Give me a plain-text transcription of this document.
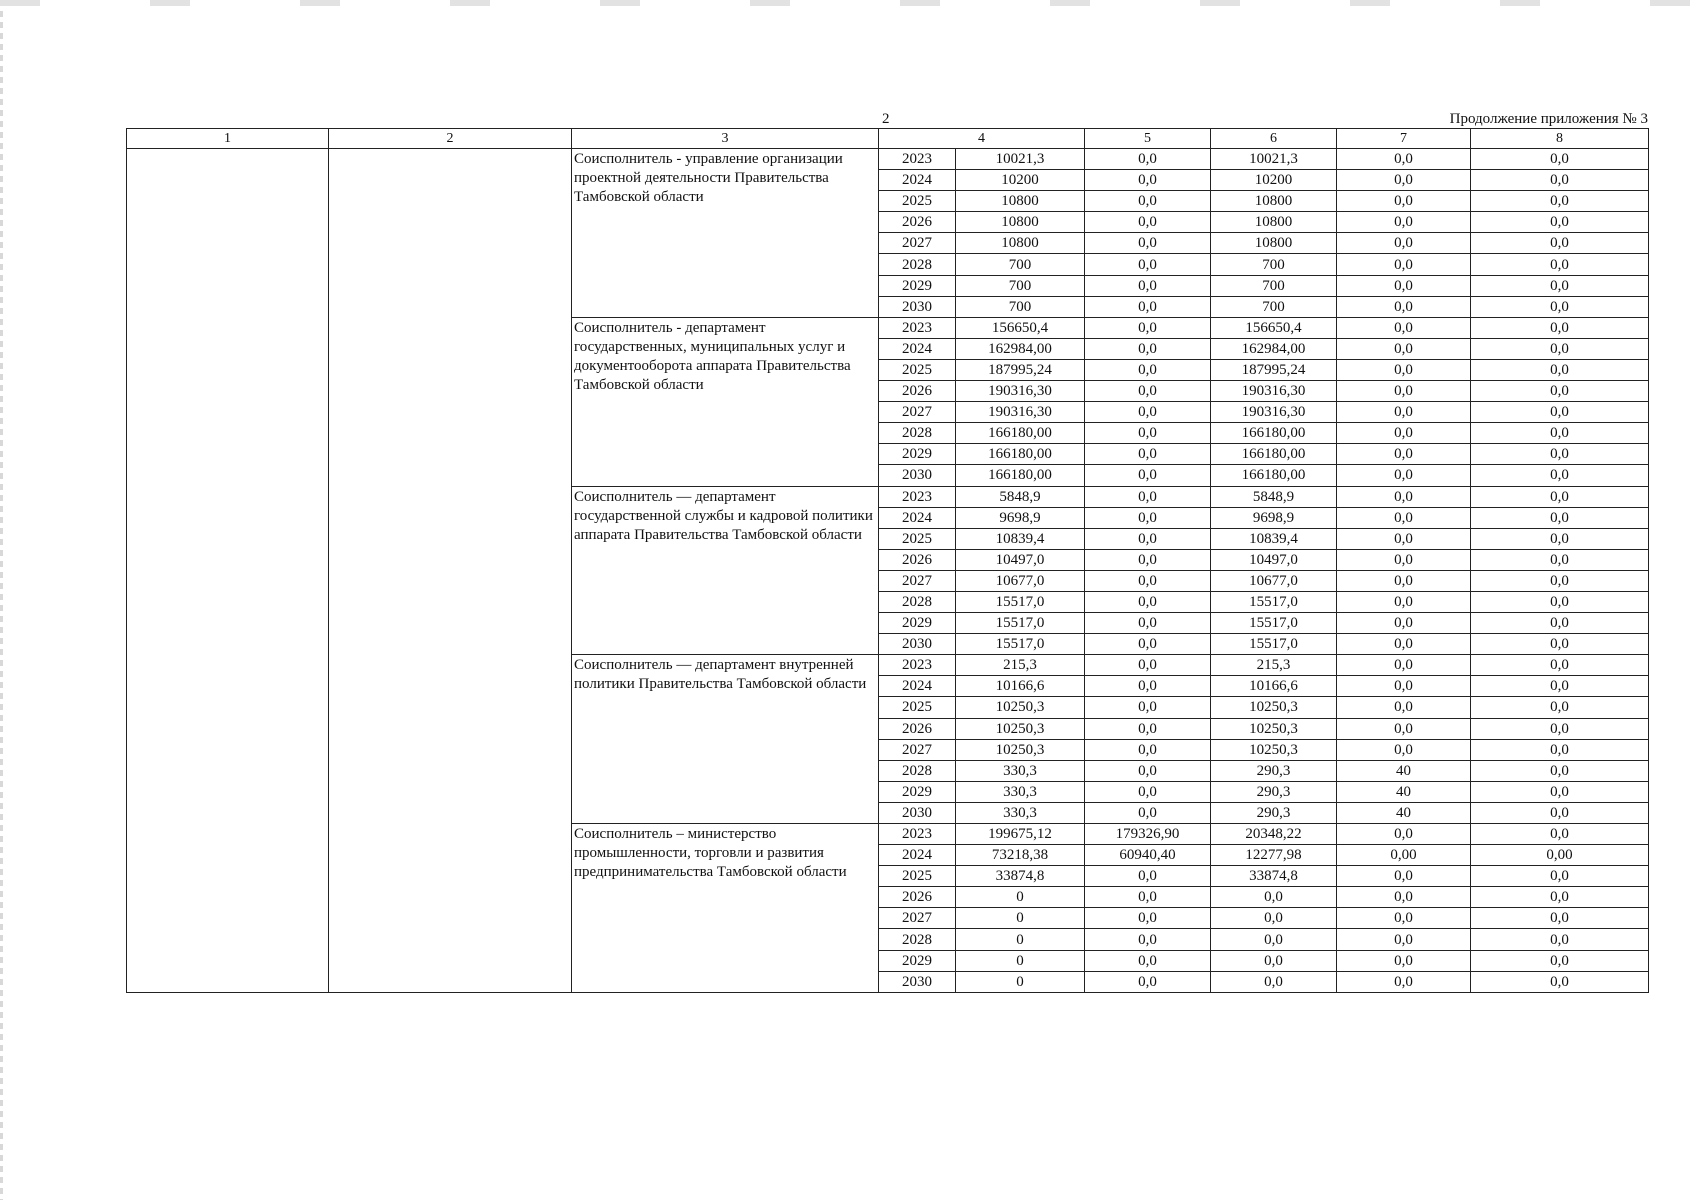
2	Продолжение приложения № 3
1	2	3	4		5	6	7	8
		Соисполнитель - управление организации проектной деятельности Правительства Тамбовской области	2023	10021,3	0,0	10021,3	0,0	0,0
			2024	10200	0,0	10200	0,0	0,0
			2025	10800	0,0	10800	0,0	0,0
			2026	10800	0,0	10800	0,0	0,0
			2027	10800	0,0	10800	0,0	0,0
			2028	700	0,0	700	0,0	0,0
			2029	700	0,0	700	0,0	0,0
			2030	700	0,0	700	0,0	0,0
		Соисполнитель - департамент государственных, муниципальных услуг и документооборота аппарата Правительства Тамбовской области	2023	156650,4	0,0	156650,4	0,0	0,0
			2024	162984,00	0,0	162984,00	0,0	0,0
			2025	187995,24	0,0	187995,24	0,0	0,0
			2026	190316,30	0,0	190316,30	0,0	0,0
			2027	190316,30	0,0	190316,30	0,0	0,0
			2028	166180,00	0,0	166180,00	0,0	0,0
			2029	166180,00	0,0	166180,00	0,0	0,0
			2030	166180,00	0,0	166180,00	0,0	0,0
		Соисполнитель — департамент государственной службы и кадровой политики аппарата Правительства Тамбовской области	2023	5848,9	0,0	5848,9	0,0	0,0
			2024	9698,9	0,0	9698,9	0,0	0,0
			2025	10839,4	0,0	10839,4	0,0	0,0
			2026	10497,0	0,0	10497,0	0,0	0,0
			2027	10677,0	0,0	10677,0	0,0	0,0
			2028	15517,0	0,0	15517,0	0,0	0,0
			2029	15517,0	0,0	15517,0	0,0	0,0
			2030	15517,0	0,0	15517,0	0,0	0,0
		Соисполнитель — департамент внутренней политики Правительства Тамбовской области	2023	215,3	0,0	215,3	0,0	0,0
			2024	10166,6	0,0	10166,6	0,0	0,0
			2025	10250,3	0,0	10250,3	0,0	0,0
			2026	10250,3	0,0	10250,3	0,0	0,0
			2027	10250,3	0,0	10250,3	0,0	0,0
			2028	330,3	0,0	290,3	40	0,0
			2029	330,3	0,0	290,3	40	0,0
			2030	330,3	0,0	290,3	40	0,0
		Соисполнитель – министерство промышленности, торговли и развития предпринимательства Тамбовской области	2023	199675,12	179326,90	20348,22	0,0	0,0
			2024	73218,38	60940,40	12277,98	0,00	0,00
			2025	33874,8	0,0	33874,8	0,0	0,0
			2026	0	0,0	0,0	0,0	0,0
			2027	0	0,0	0,0	0,0	0,0
			2028	0	0,0	0,0	0,0	0,0
			2029	0	0,0	0,0	0,0	0,0
			2030	0	0,0	0,0	0,0	0,0
